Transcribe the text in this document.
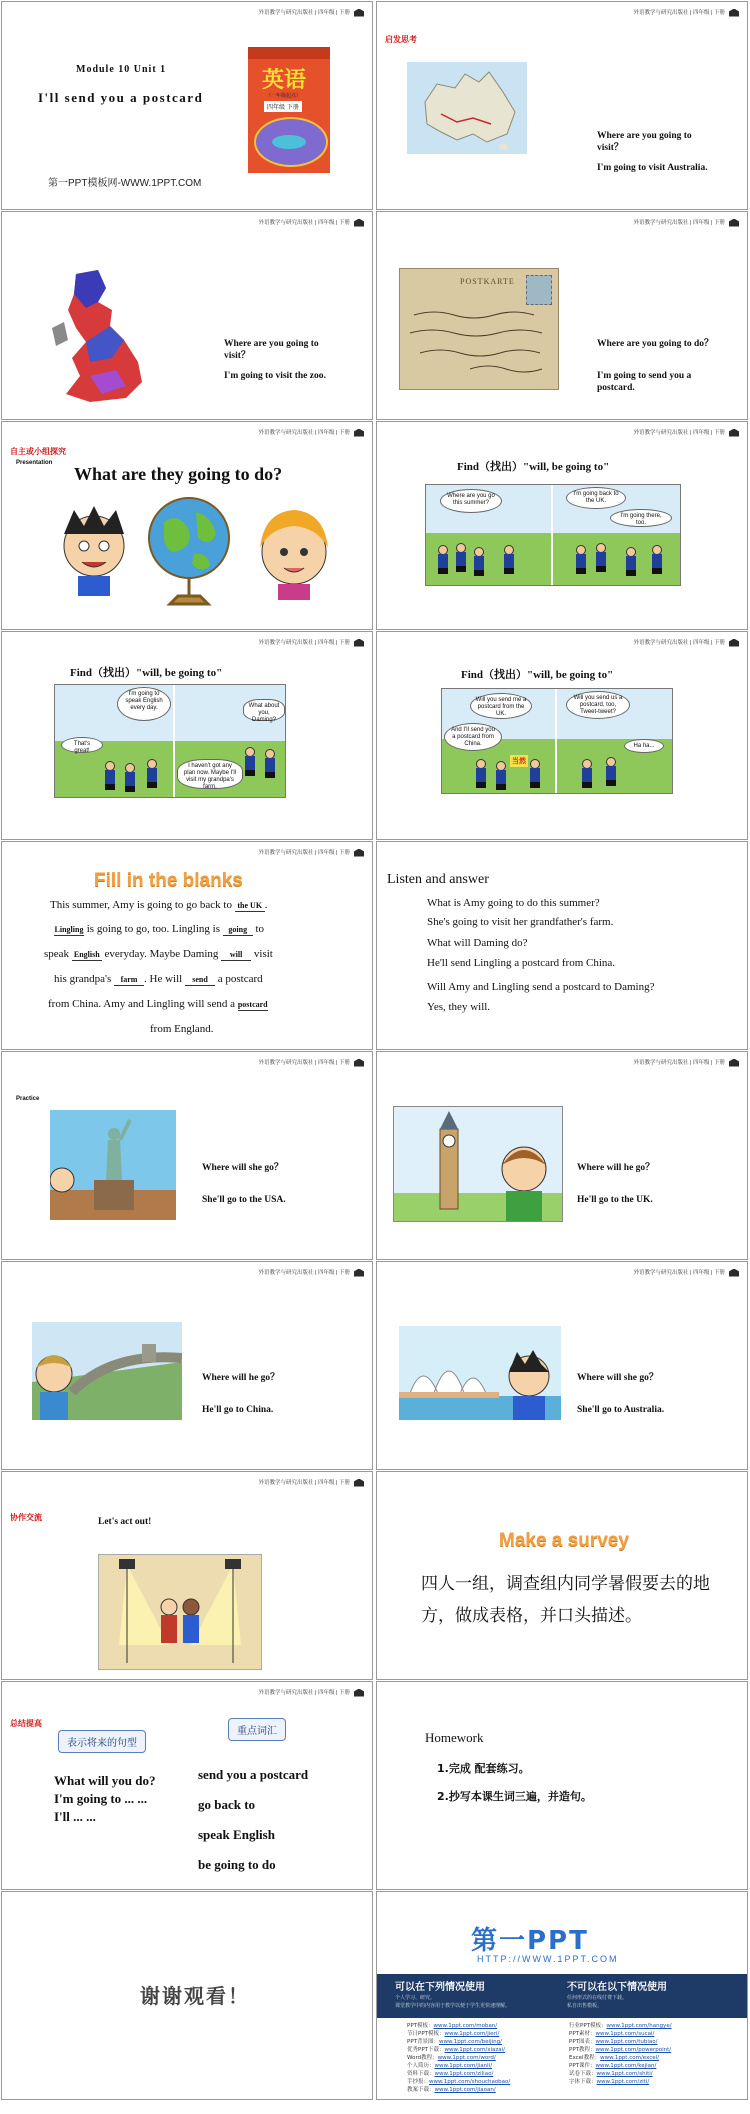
外语教学与研究出版社 | 四年级 | 下册
Module 10 Unit 1
I'll send you a postcard
第一PPT模板网-WWW.1PPT.COM
英语
（一年级起点）
四年级 下册
外语教学与研究出版社 | 四年级 | 下册
启发思考
Where are you going to visit？
I'm going to visit Australia.
外语教学与研究出版社 | 四年级 | 下册
Where are you going to visit？
I'm going to visit the zoo.
外语教学与研究出版社 | 四年级 | 下册
POSTKARTE
Where are you going to do？
I'm going to send you a postcard.
外语教学与研究出版社 | 四年级 | 下册
自主或小组探究
Presentation
What are they going to do?
外语教学与研究出版社 | 四年级 | 下册
Find（找出）"will, be going to"
Where are you go this summer?
I'm going back to the UK.
I'm going there, too.
外语教学与研究出版社 | 四年级 | 下册
Find（找出）"will, be going to"
I'm going to speak English every day.	What about you, Daming?
That's great!
I haven't got any plan now. Maybe I'll visit my grandpa's farm.
外语教学与研究出版社 | 四年级 | 下册
Find（找出）"will, be going to"
Will you send me a postcard from the UK.
Will you send us a postcard, too, Tweet-tweet?
And I'll send you a postcard from China.	Ha ha...
当然
外语教学与研究出版社 | 四年级 | 下册
Fill in the blanks
This summer, Amy is going to go back to the UK .
Lingling is going to go, too. Lingling is going to
speak English everyday. Maybe Daming will visit
his grandpa's farm . He will send a postcard
from China. Amy and Lingling will send a postcard
from England.
Listen and answer
What is Amy going to do this summer?
She's going to visit her grandfather's farm.
What will Daming do?
He'll send Lingling a postcard from China.
Will Amy and Lingling send a postcard to Daming?
Yes, they will.
外语教学与研究出版社 | 四年级 | 下册
Practice
Where will she go？
She'll go to the USA.
外语教学与研究出版社 | 四年级 | 下册
Where will he go？
He'll go to the UK.
外语教学与研究出版社 | 四年级 | 下册
Where will he go？
He'll go to China.
外语教学与研究出版社 | 四年级 | 下册
Where will she go？
She'll go to Australia.
外语教学与研究出版社 | 四年级 | 下册
协作交流	Let's act out!
Make a survey
四人一组，调查组内同学暑假要去的地方，做成表格，并口头描述。
外语教学与研究出版社 | 四年级 | 下册
总结提高
表示将来的句型
重点词汇
What will you do?
I'm going to ... ...
I'll ... ...
send you a postcard
go back to
speak English
be going to do
Homework
1.完成 配套练习。
2.抄写本课生词三遍，并造句。
谢谢观看！
第一PPT
HTTP://WWW.1PPT.COM
可以在下列情况使用
个人学习、研究。
课堂教学中的内容用于教学以便于学生更快速理解。
不可以在以下情况使用
任何形式的在线付费下载。
私自出售模板。
PPT模板：www.1ppt.com/moban/
节日PPT模板：www.1ppt.com/jieri/
PPT背景图：www.1ppt.com/beijing/
优秀PPT下载：www.1ppt.com/xiazai/
Word教程：www.1ppt.com/word/
个人简历：www.1ppt.com/jianli/
资料下载：www.1ppt.com/ziliao/
手抄报：www.1ppt.com/shouchaobao/
教案下载：www.1ppt.com/jiaoan/
行业PPT模板：www.1ppt.com/hangye/
PPT素材：www.1ppt.com/sucai/
PPT图表：www.1ppt.com/tubiao/
PPT教程：www.1ppt.com/powerpoint/
Excel教程：www.1ppt.com/excel/
PPT课件：www.1ppt.com/kejian/
试卷下载：www.1ppt.com/shiti/
字体下载：www.1ppt.com/ziti/
